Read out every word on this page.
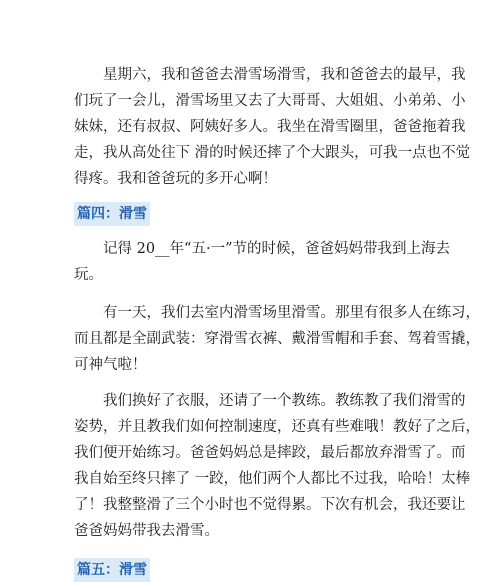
星期六，我和爸爸去滑雪场滑雪，我和爸爸去的最早，我
们玩了一会儿，滑雪场里又去了大哥哥、大姐姐、小弟弟、小
妹妹，还有叔叔、阿姨好多人。我坐在滑雪圈里，爸爸拖着我
走，我从高处往下 滑的时候还摔了个大跟头，可我一点也不觉
得疼。我和爸爸玩的多开心啊！

篇四：滑雪

记得 20__年“五·一”节的时候，爸爸妈妈带我到上海去
玩。

有一天，我们去室内滑雪场里滑雪。那里有很多人在练习，
而且都是全副武装：穿滑雪衣裤、戴滑雪帽和手套、驾着雪撬，
可神气啦！

我们换好了衣服，还请了一个教练。教练教了我们滑雪的
姿势，并且教我们如何控制速度，还真有些难哦！教好了之后，
我们便开始练习。爸爸妈妈总是摔跤，最后都放弃滑雪了。而
我自始至终只摔了 一跤，他们两个人都比不过我，哈哈！太棒
了！我整整滑了三个小时也不觉得累。下次有机会，我还要让
爸爸妈妈带我去滑雪。

篇五：滑雪
